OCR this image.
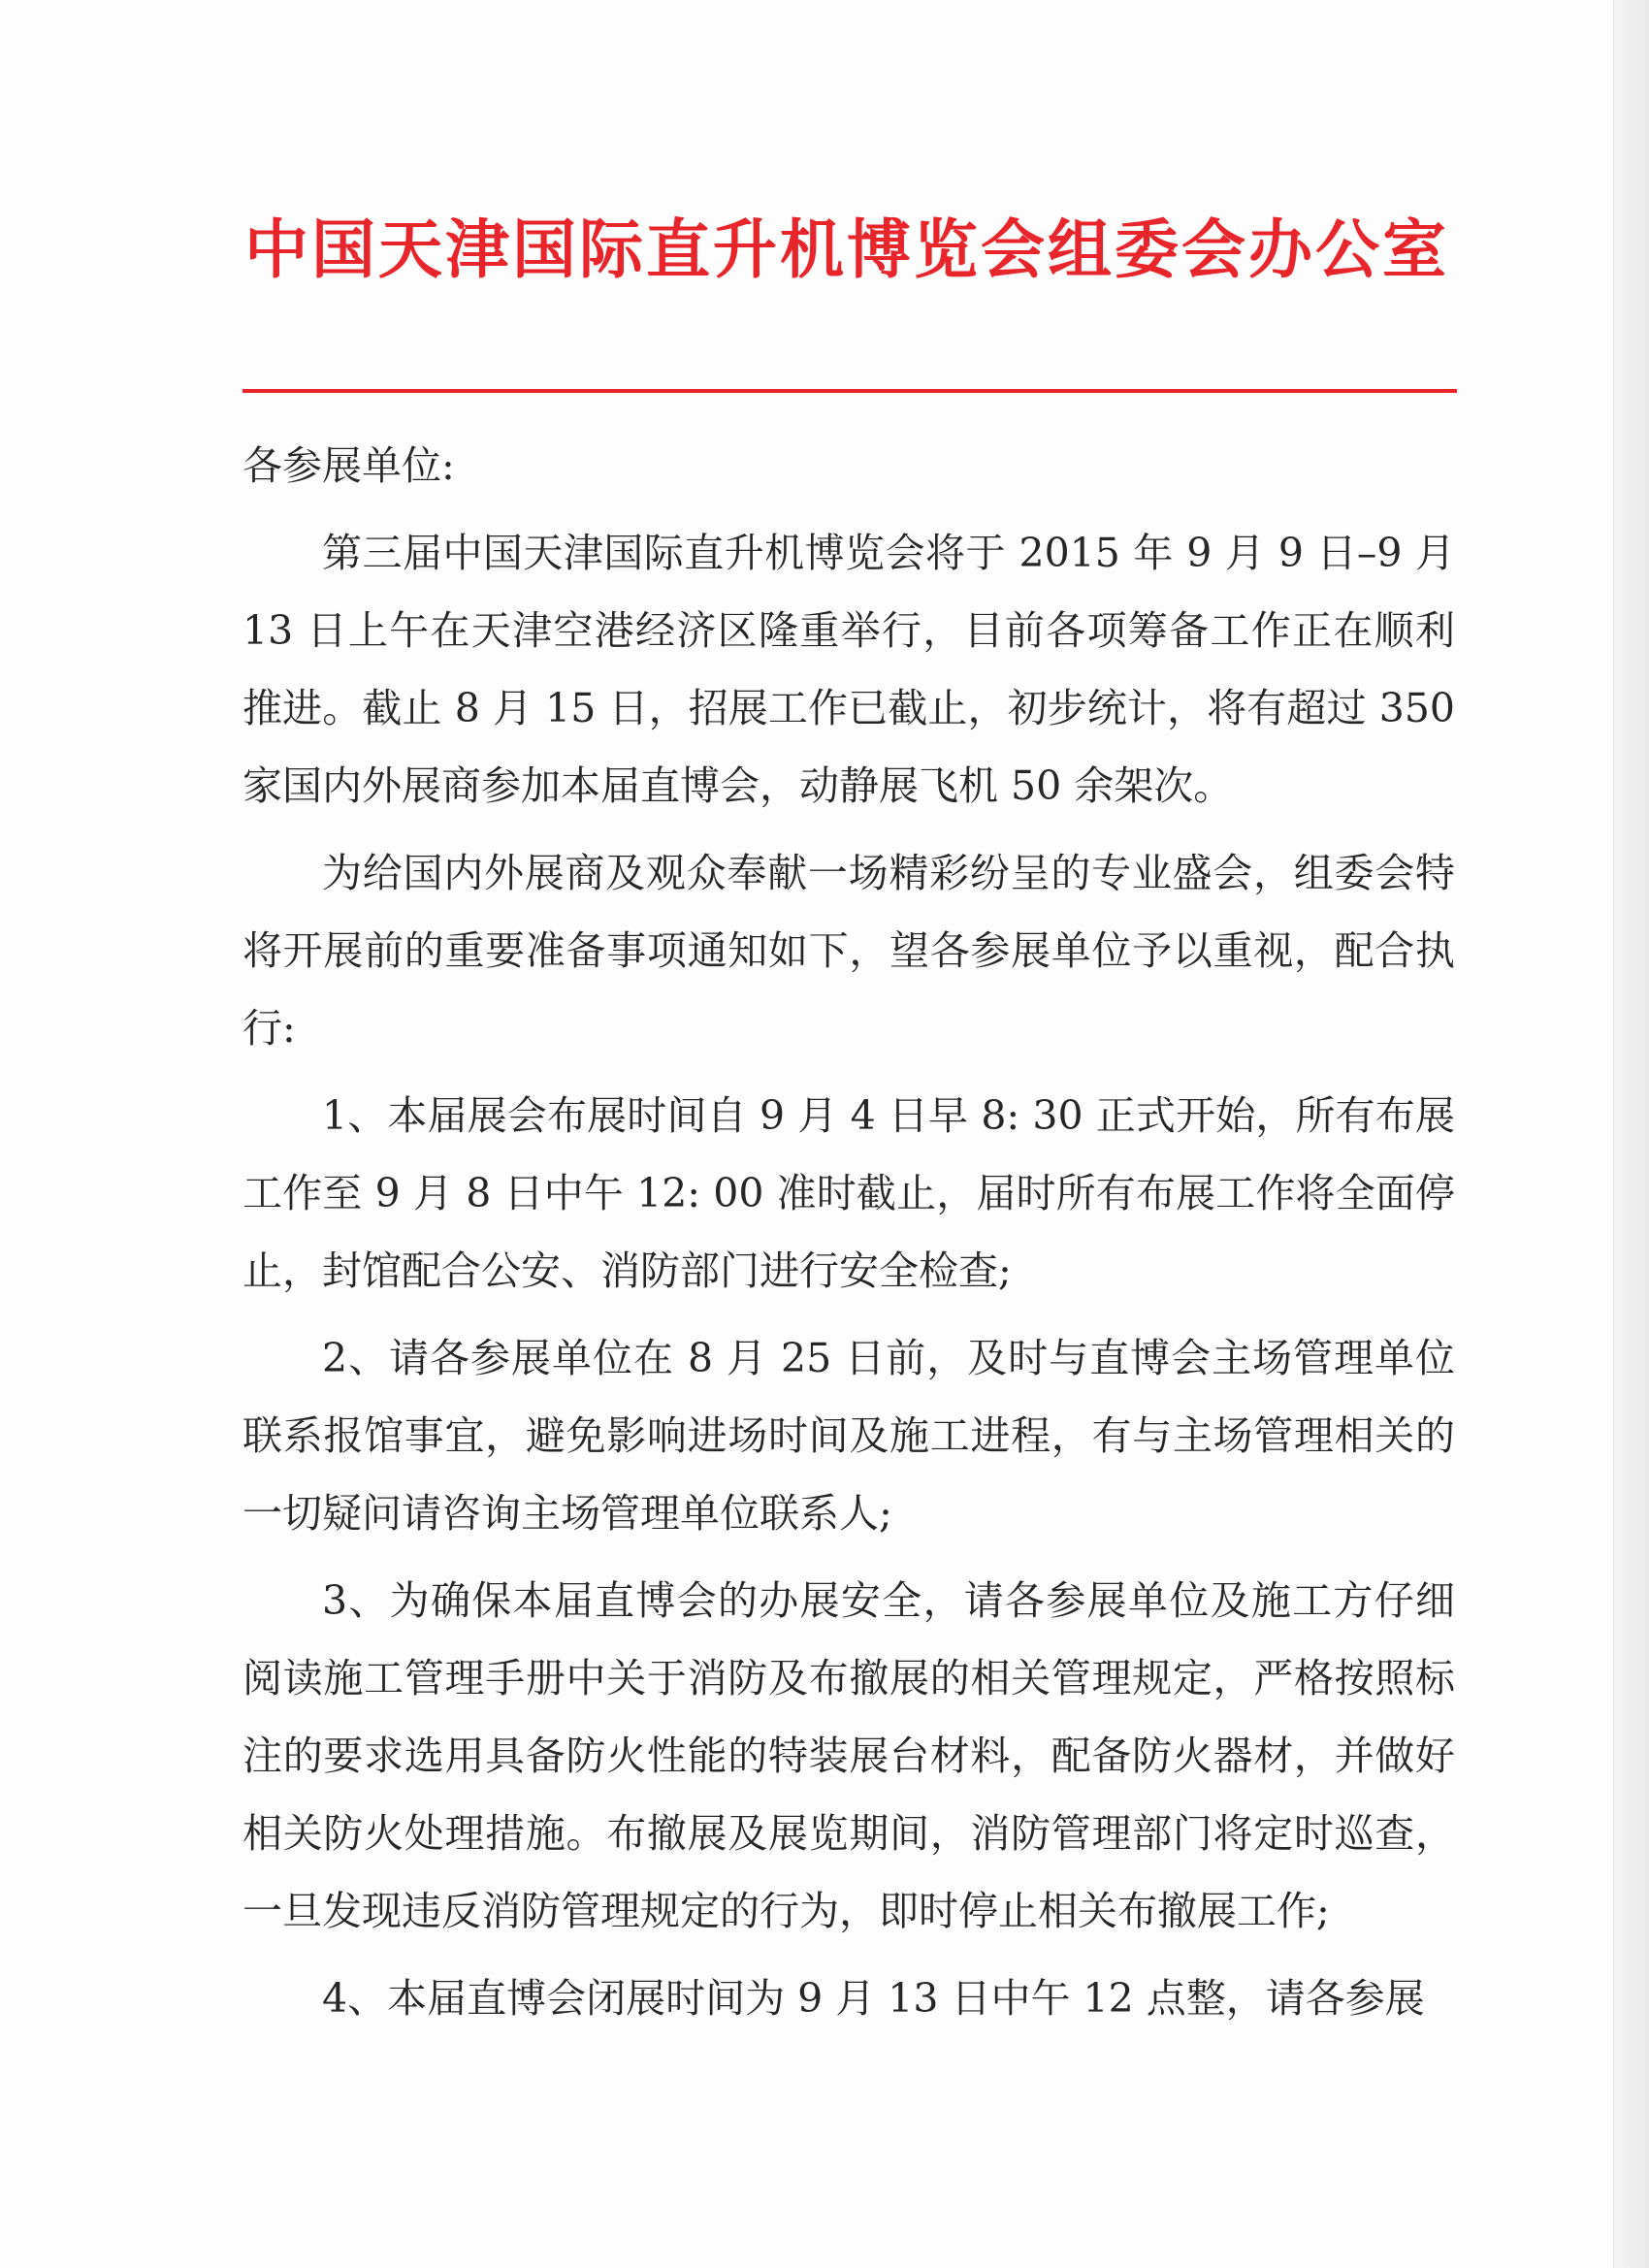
中国天津国际直升机博览会组委会办公室

各参展单位:

第三届中国天津国际直升机博览会将于 2015 年 9 月 9 日–9 月 13 日上午在天津空港经济区隆重举行，目前各项筹备工作正在顺利推进。截止 8 月 15 日，招展工作已截止，初步统计，将有超过 350 家国内外展商参加本届直博会，动静展飞机 50 余架次。

为给国内外展商及观众奉献一场精彩纷呈的专业盛会，组委会特将开展前的重要准备事项通知如下，望各参展单位予以重视，配合执行:

1、本届展会布展时间自 9 月 4 日早 8: 30 正式开始，所有布展工作至 9 月 8 日中午 12: 00 准时截止，届时所有布展工作将全面停止，封馆配合公安、消防部门进行安全检查;

2、请各参展单位在 8 月 25 日前，及时与直博会主场管理单位联系报馆事宜，避免影响进场时间及施工进程，有与主场管理相关的一切疑问请咨询主场管理单位联系人;

3、为确保本届直博会的办展安全，请各参展单位及施工方仔细阅读施工管理手册中关于消防及布撤展的相关管理规定，严格按照标注的要求选用具备防火性能的特装展台材料，配备防火器材，并做好相关防火处理措施。布撤展及展览期间，消防管理部门将定时巡查，一旦发现违反消防管理规定的行为，即时停止相关布撤展工作;

4、本届直博会闭展时间为 9 月 13 日中午 12 点整，请各参展
